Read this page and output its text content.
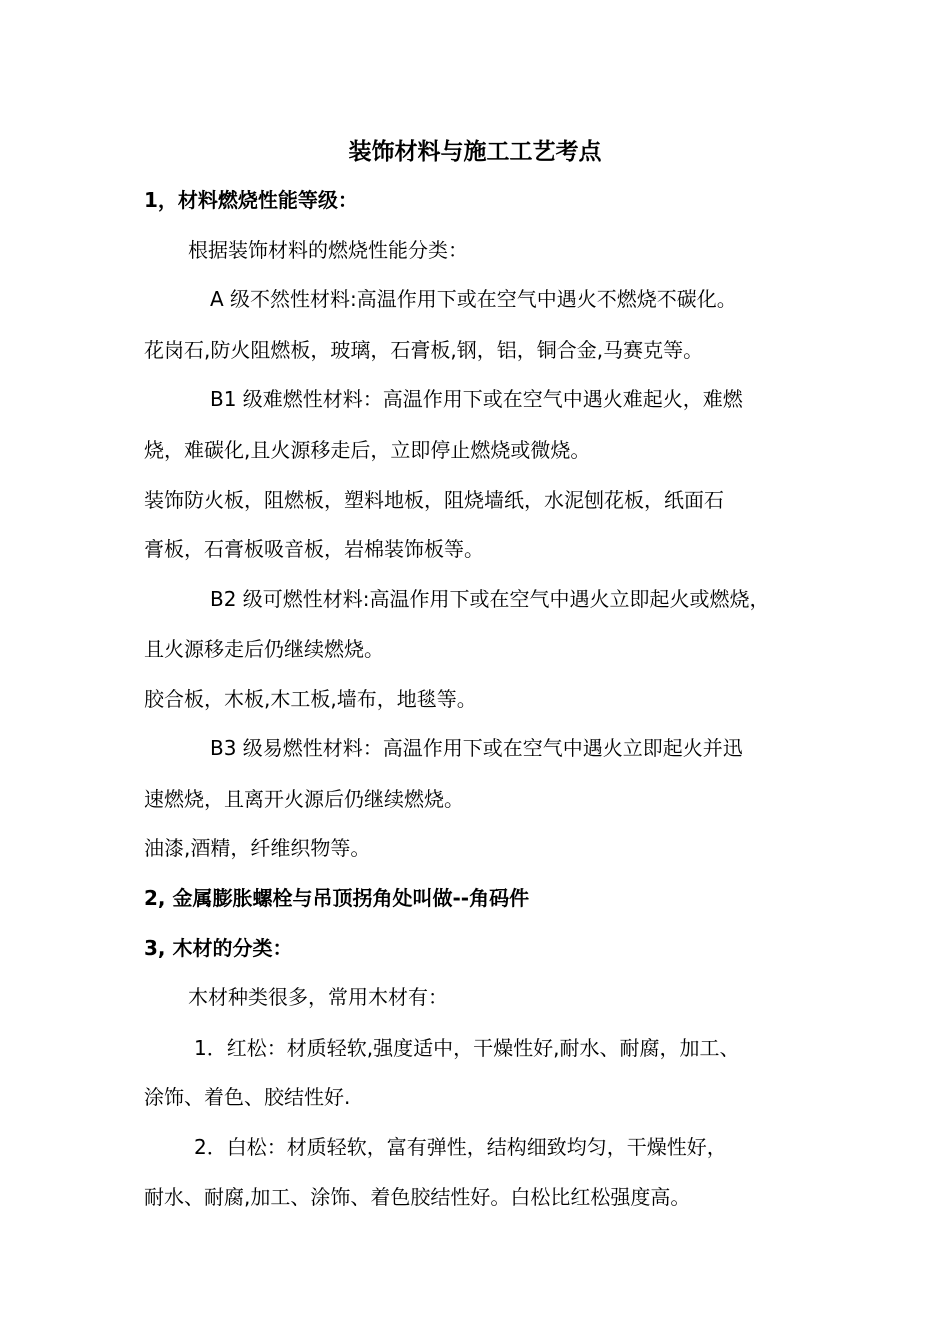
装饰材料与施工工艺考点
1，材料燃烧性能等级：
根据装饰材料的燃烧性能分类：
A 级不然性材料:高温作用下或在空气中遇火不燃烧不碳化。
花岗石,防火阻燃板，玻璃，石膏板,钢，铝，铜合金,马赛克等。
B1 级难燃性材料：高温作用下或在空气中遇火难起火，难燃
烧，难碳化,且火源移走后，立即停止燃烧或微烧。
装饰防火板，阻燃板，塑料地板，阻烧墙纸，水泥刨花板，纸面石
膏板，石膏板吸音板，岩棉装饰板等。
B2 级可燃性材料:高温作用下或在空气中遇火立即起火或燃烧，
且火源移走后仍继续燃烧。
胶合板，木板,木工板,墙布，地毯等。
B3 级易燃性材料：高温作用下或在空气中遇火立即起火并迅
速燃烧，且离开火源后仍继续燃烧。
油漆,酒精，纤维织物等。
2, 金属膨胀螺栓与吊顶拐角处叫做--角码件
3, 木材的分类：
木材种类很多，常用木材有：
1．红松：材质轻软,强度适中，干燥性好,耐水、耐腐，加工、
涂饰、着色、胶结性好.
2．白松：材质轻软，富有弹性，结构细致均匀，干燥性好，
耐水、耐腐,加工、涂饰、着色胶结性好。白松比红松强度高。
